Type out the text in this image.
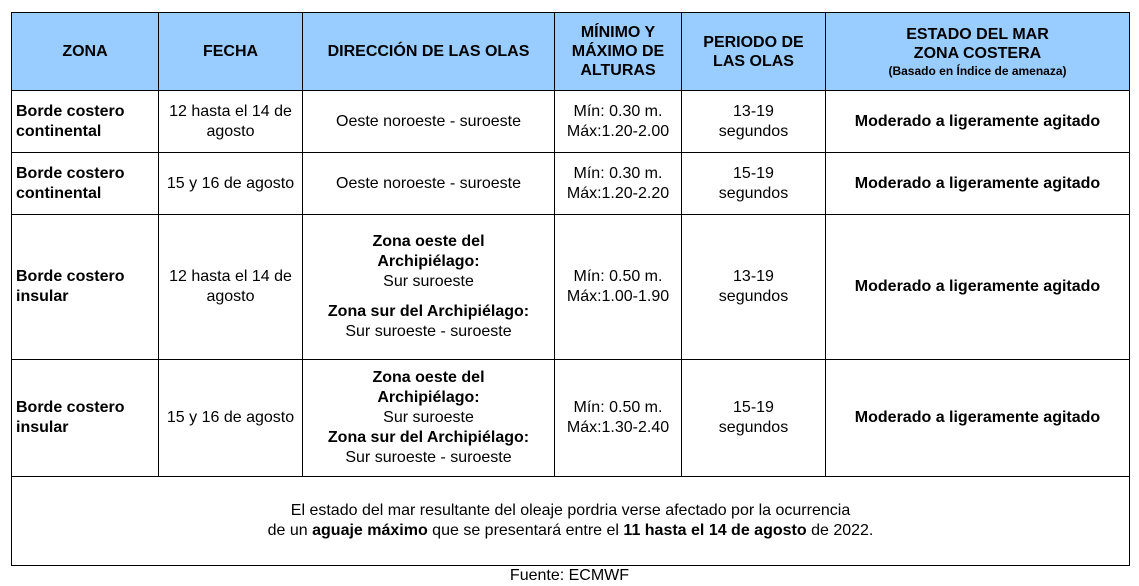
ZONA	FECHA	DIRECCIÓN DE LAS OLAS	MÍNIMO Y
MÁXIMO DE
ALTURAS	PERIODO DE
LAS OLAS	ESTADO DEL MAR
ZONA COSTERA
(Basado en Índice de amenaza)

Borde costero continental	12 hasta el 14 de agosto	Oeste noroeste - suroeste	Mín: 0.30 m.
Máx:1.20-2.00	13-19
segundos	Moderado a ligeramente agitado
Borde costero continental	15 y 16 de agosto	Oeste noroeste - suroeste	Mín: 0.30 m.
Máx:1.20-2.20	15-19
segundos	Moderado a ligeramente agitado
Borde costero insular	12 hasta el 14 de agosto	Zona oeste del
Archipiélago:
Sur suroeste
Zona sur del Archipiélago:
Sur suroeste - suroeste	Mín: 0.50 m.
Máx:1.00-1.90	13-19
segundos	Moderado a ligeramente agitado
Borde costero insular	15 y 16 de agosto	Zona oeste del
Archipiélago:
Sur suroeste
Zona sur del Archipiélago:
Sur suroeste - suroeste	Mín: 0.50 m.
Máx:1.30-2.40	15-19
segundos	Moderado a ligeramente agitado
El estado del mar resultante del oleaje pordria verse afectado por la ocurrencia
de un aguaje máximo que se presentará entre el 11 hasta el 14 de agosto de 2022.					
Fuente: ECMWF
